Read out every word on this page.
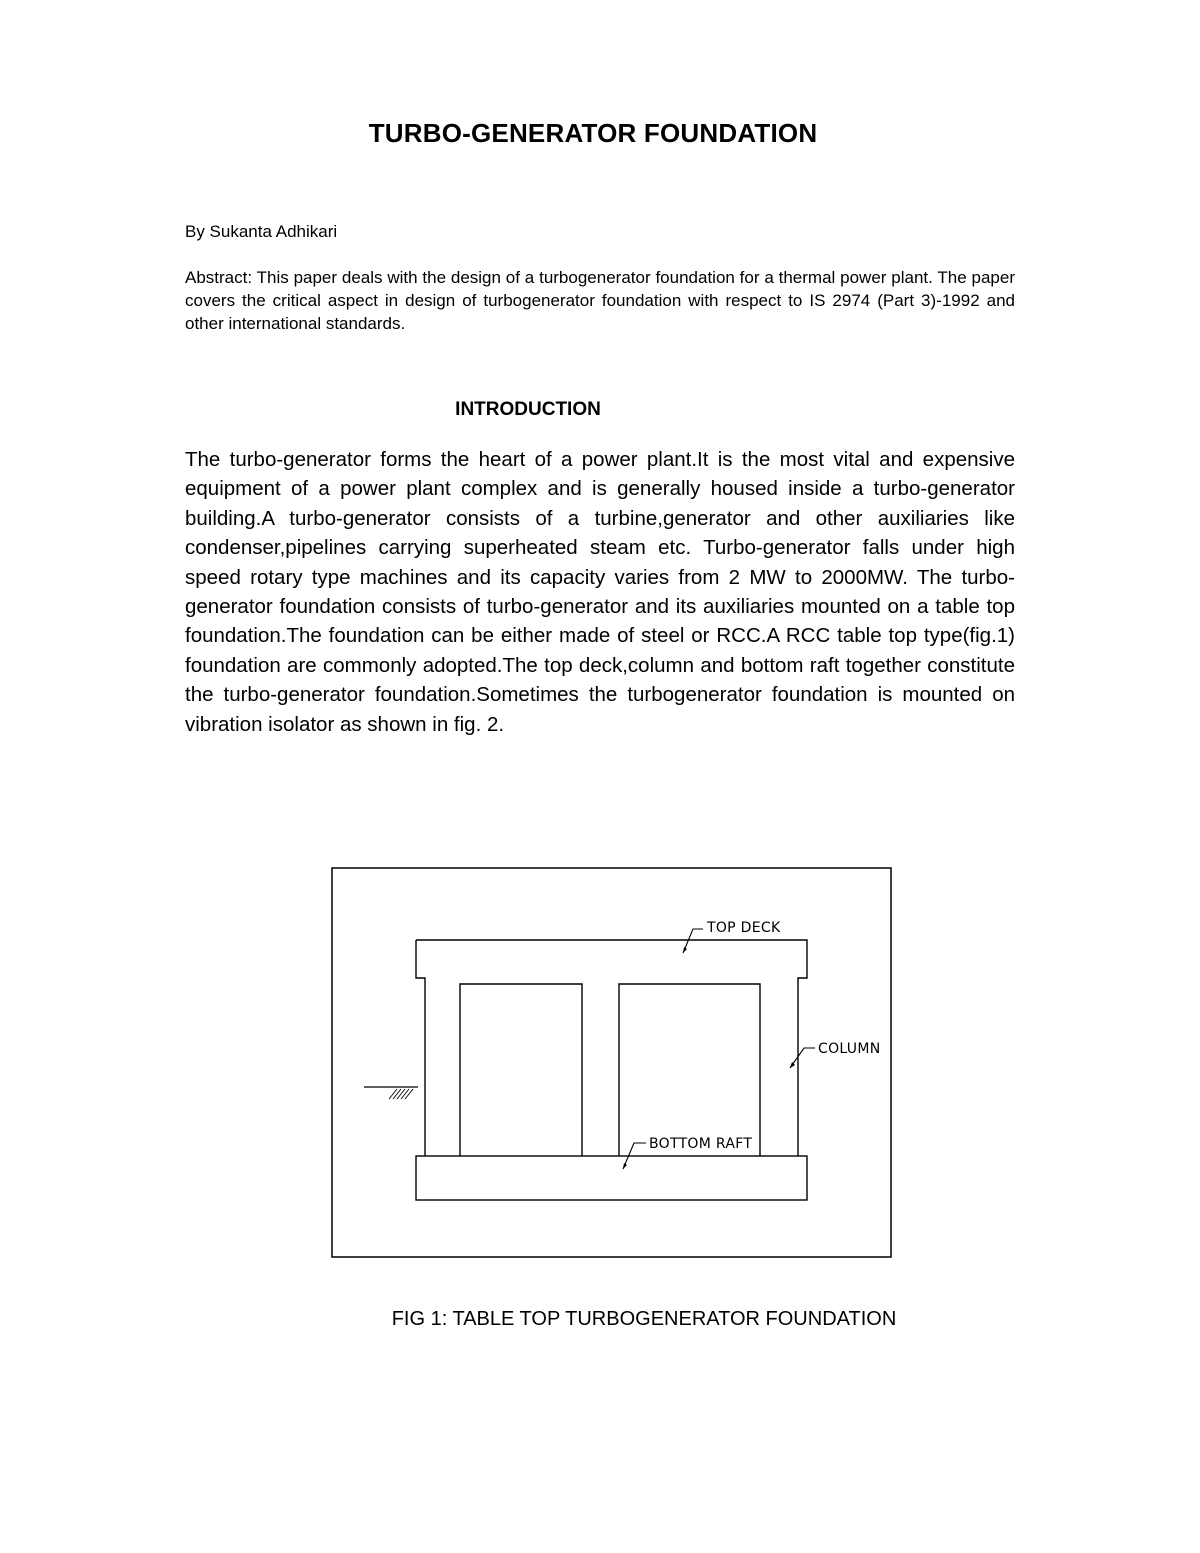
TURBO-GENERATOR FOUNDATION
By Sukanta Adhikari
Abstract: This paper deals with the design of a turbogenerator foundation for a thermal power plant. The paper covers the critical aspect in design of turbogenerator foundation with respect to IS 2974 (Part 3)-1992 and other international standards.
INTRODUCTION
The turbo-generator forms the heart of a power plant.It is the most vital and expensive equipment of a power plant complex and is generally housed inside a turbo-generator building.A turbo-generator consists of a turbine,generator and other auxiliaries like condenser,pipelines carrying superheated steam etc. Turbo-generator falls under high speed rotary type machines and its capacity varies from 2 MW to 2000MW. The turbo-generator foundation consists of turbo-generator and its auxiliaries mounted on a table top foundation.The foundation can be either made of steel or RCC.A RCC table top type(fig.1) foundation are commonly adopted.The top deck,column and bottom raft together constitute the turbo-generator foundation.Sometimes the turbogenerator foundation is mounted on vibration isolator as shown in fig. 2.
TOP DECK
COLUMN
BOTTOM RAFT
FIG 1: TABLE TOP TURBOGENERATOR FOUNDATION
